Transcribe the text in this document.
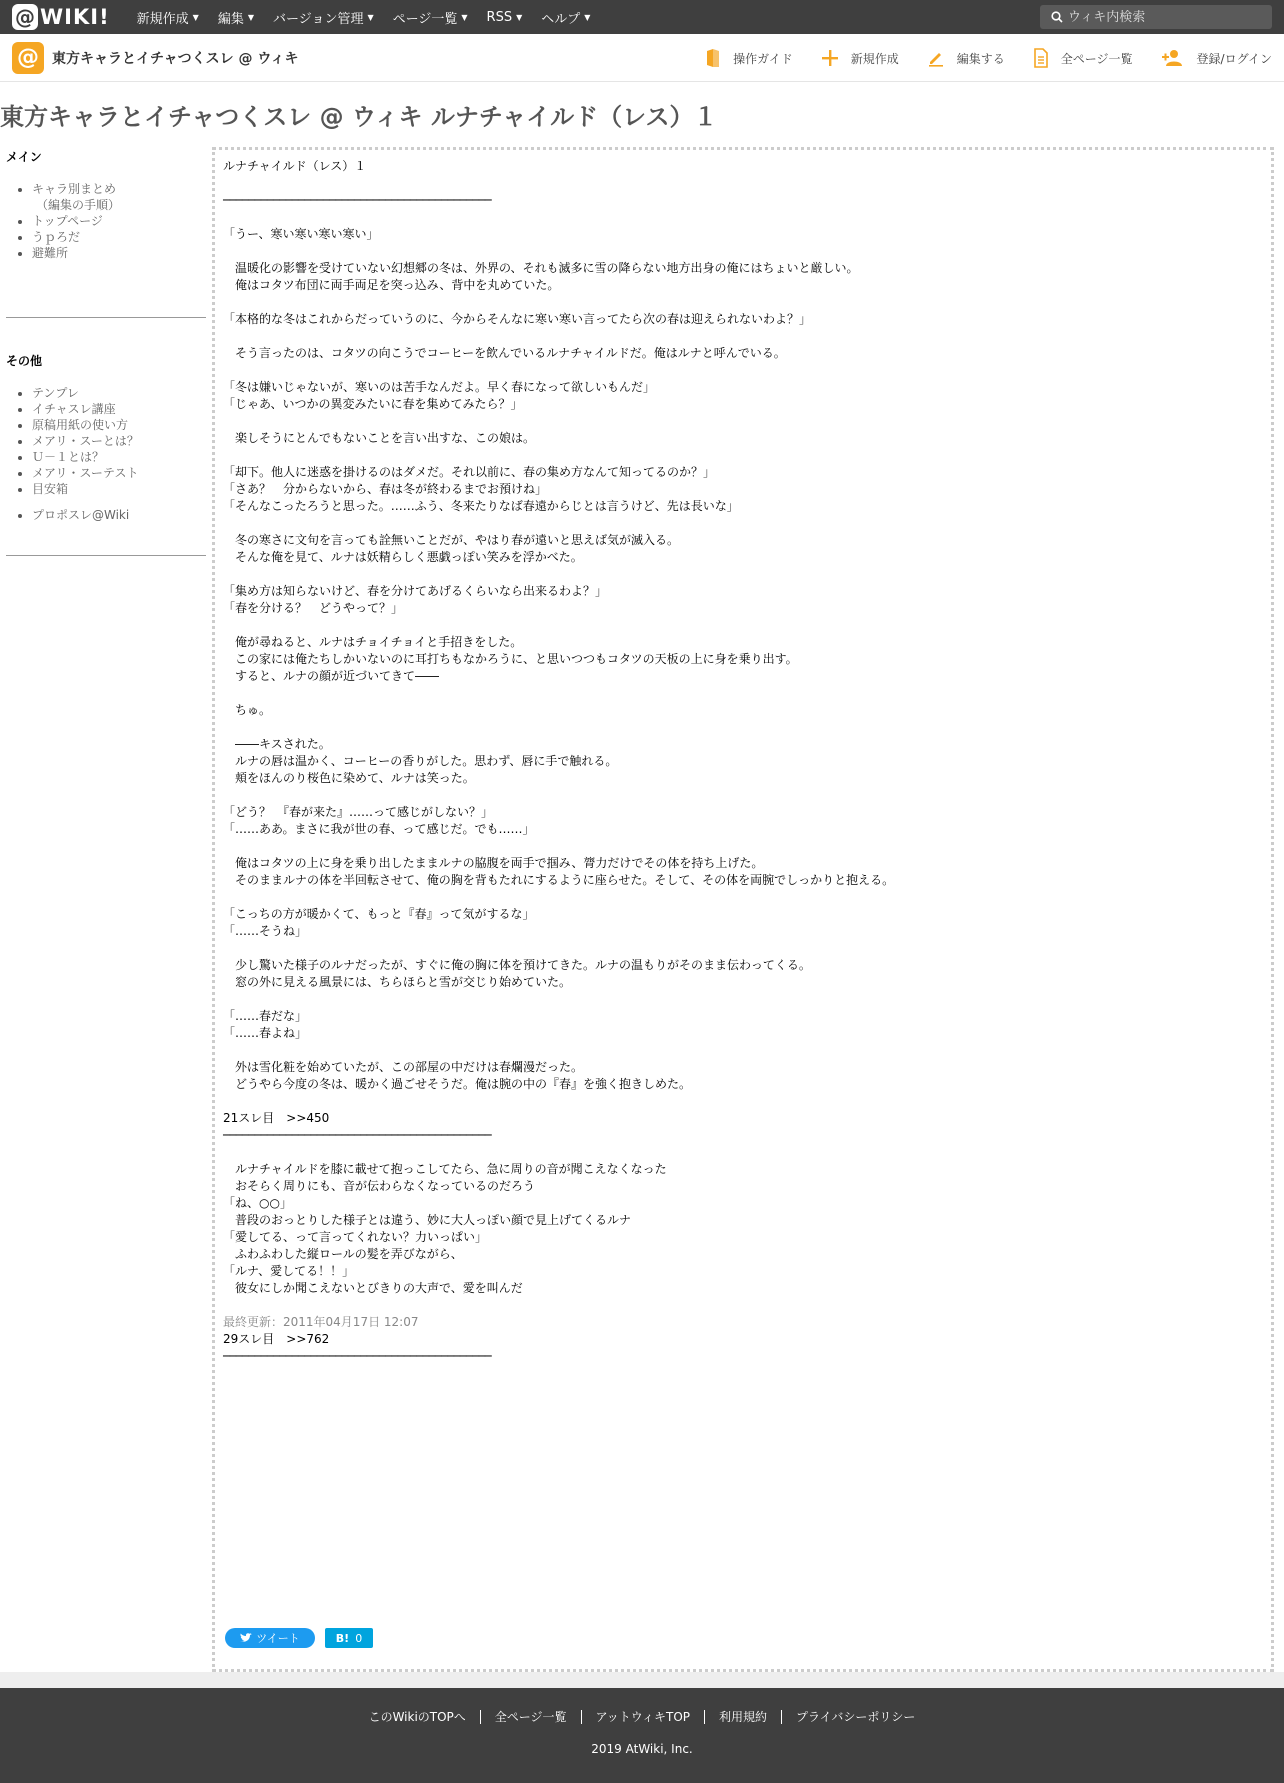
@ WIKI! 新規作成 ▼ 編集 ▼ バージョン管理 ▼ ページ一覧 ▼ RSS ▼ ヘルプ ▼
ウィキ内検索
@ 東方キャラとイチャつくスレ @ ウィキ	操作ガイド	新規作成	編集する	全ページ一覧	登録/ログイン
東方キャラとイチャつくスレ @ ウィキ ルナチャイルド（レス）１
メイン
• キャラ別まとめ
（編集の手順）
• トップページ
• うｐろだ
• 避難所
その他
• テンプレ
• イチャスレ講座
• 原稿用紙の使い方
• メアリ・スーとは？
• Ｕ－１とは？
• メアリ・スーテスト
• 目安箱
• プロポスレ@Wiki
ルナチャイルド（レス）１
───────────────────────────────────────────
「うー、寒い寒い寒い寒い」
　温暖化の影響を受けていない幻想郷の冬は、外界の、それも滅多に雪の降らない地方出身の俺にはちょいと厳しい。
　俺はコタツ布団に両手両足を突っ込み、背中を丸めていた。
「本格的な冬はこれからだっていうのに、今からそんなに寒い寒い言ってたら次の春は迎えられないわよ？」
　そう言ったのは、コタツの向こうでコーヒーを飲んでいるルナチャイルドだ。俺はルナと呼んでいる。
「冬は嫌いじゃないが、寒いのは苦手なんだよ。早く春になって欲しいもんだ」
「じゃあ、いつかの異変みたいに春を集めてみたら？」
　楽しそうにとんでもないことを言い出すな、この娘は。
「却下。他人に迷惑を掛けるのはダメだ。それ以前に、春の集め方なんて知ってるのか？」
「さあ？　分からないから、春は冬が終わるまでお預けね」
「そんなこったろうと思った。……ふう、冬来たりなば春遠からじとは言うけど、先は長いな」
　冬の寒さに文句を言っても詮無いことだが、やはり春が遠いと思えば気が滅入る。
　そんな俺を見て、ルナは妖精らしく悪戯っぽい笑みを浮かべた。
「集め方は知らないけど、春を分けてあげるくらいなら出来るわよ？」
「春を分ける？　どうやって？」
　俺が尋ねると、ルナはチョイチョイと手招きをした。
　この家には俺たちしかいないのに耳打ちもなかろうに、と思いつつもコタツの天板の上に身を乗り出す。
　すると、ルナの顔が近づいてきて――
　ちゅ。
　――キスされた。
　ルナの唇は温かく、コーヒーの香りがした。思わず、唇に手で触れる。
　頬をほんのり桜色に染めて、ルナは笑った。
「どう？　『春が来た』……って感じがしない？」
「……ああ。まさに我が世の春、って感じだ。でも……」
　俺はコタツの上に身を乗り出したままルナの脇腹を両手で掴み、膂力だけでその体を持ち上げた。
　そのままルナの体を半回転させて、俺の胸を背もたれにするように座らせた。そして、その体を両腕でしっかりと抱える。
「こっちの方が暖かくて、もっと『春』って気がするな」
「……そうね」
　少し驚いた様子のルナだったが、すぐに俺の胸に体を預けてきた。ルナの温もりがそのまま伝わってくる。
　窓の外に見える風景には、ちらほらと雪が交じり始めていた。
「……春だな」
「……春よね」
　外は雪化粧を始めていたが、この部屋の中だけは春爛漫だった。
　どうやら今度の冬は、暖かく過ごせそうだ。俺は腕の中の『春』を強く抱きしめた。
21スレ目　>>450
───────────────────────────────────────────
　ルナチャイルドを膝に載せて抱っこしてたら、急に周りの音が聞こえなくなった
　おそらく周りにも、音が伝わらなくなっているのだろう
「ね、○○」
　普段のおっとりした様子とは違う、妙に大人っぽい顔で見上げてくるルナ
「愛してる、って言ってくれない？力いっぱい」
　ふわふわした縦ロールの髪を弄びながら、
「ルナ、愛してる！！」
　彼女にしか聞こえないとびきりの大声で、愛を叫んだ
29スレ目　>>762
───────────────────────────────────────────
最終更新：2011年04月17日 12:07
ツイート	B! 0
このWikiのTOPへ	全ページ一覧	アットウィキTOP	利用規約	プライバシーポリシー
2019 AtWiki, Inc.
